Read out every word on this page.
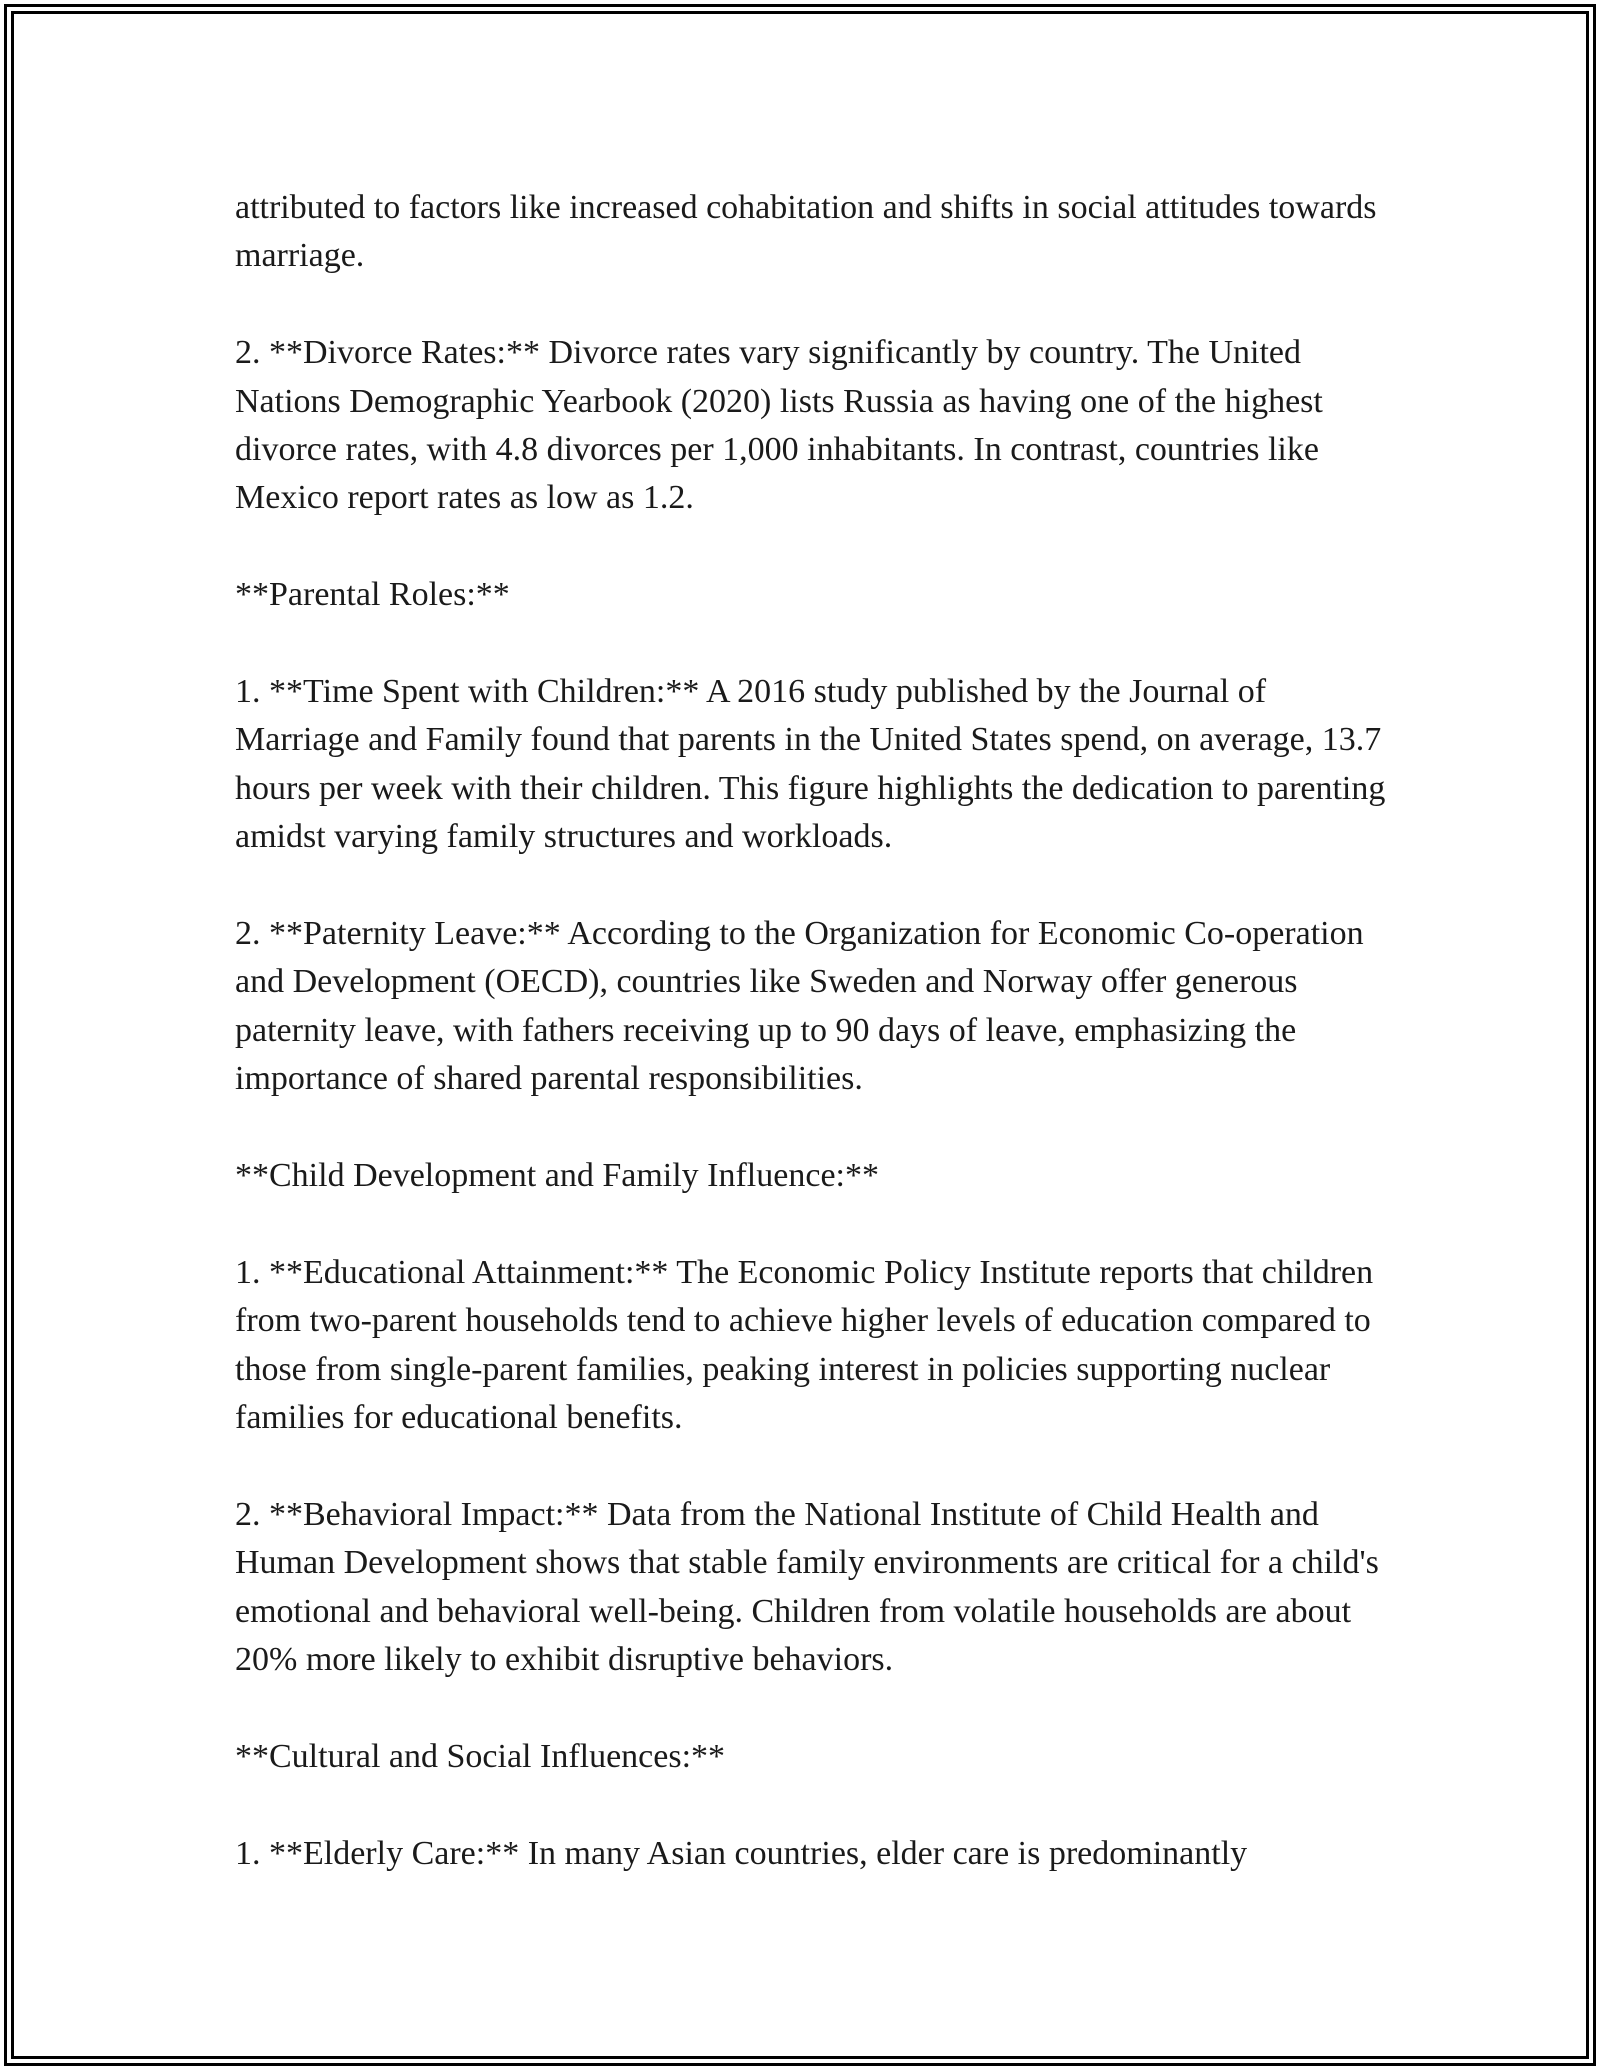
attributed to factors like increased cohabitation and shifts in social attitudes towards marriage.

2. **Divorce Rates:** Divorce rates vary significantly by country. The United Nations Demographic Yearbook (2020) lists Russia as having one of the highest divorce rates, with 4.8 divorces per 1,000 inhabitants. In contrast, countries like Mexico report rates as low as 1.2.

**Parental Roles:**

1. **Time Spent with Children:** A 2016 study published by the Journal of Marriage and Family found that parents in the United States spend, on average, 13.7 hours per week with their children. This figure highlights the dedication to parenting amidst varying family structures and workloads.

2. **Paternity Leave:** According to the Organization for Economic Co-operation and Development (OECD), countries like Sweden and Norway offer generous paternity leave, with fathers receiving up to 90 days of leave, emphasizing the importance of shared parental responsibilities.

**Child Development and Family Influence:**

1. **Educational Attainment:** The Economic Policy Institute reports that children from two-parent households tend to achieve higher levels of education compared to those from single-parent families, peaking interest in policies supporting nuclear families for educational benefits.

2. **Behavioral Impact:** Data from the National Institute of Child Health and Human Development shows that stable family environments are critical for a child's emotional and behavioral well-being. Children from volatile households are about 20% more likely to exhibit disruptive behaviors.

**Cultural and Social Influences:**

1. **Elderly Care:** In many Asian countries, elder care is predominantly
